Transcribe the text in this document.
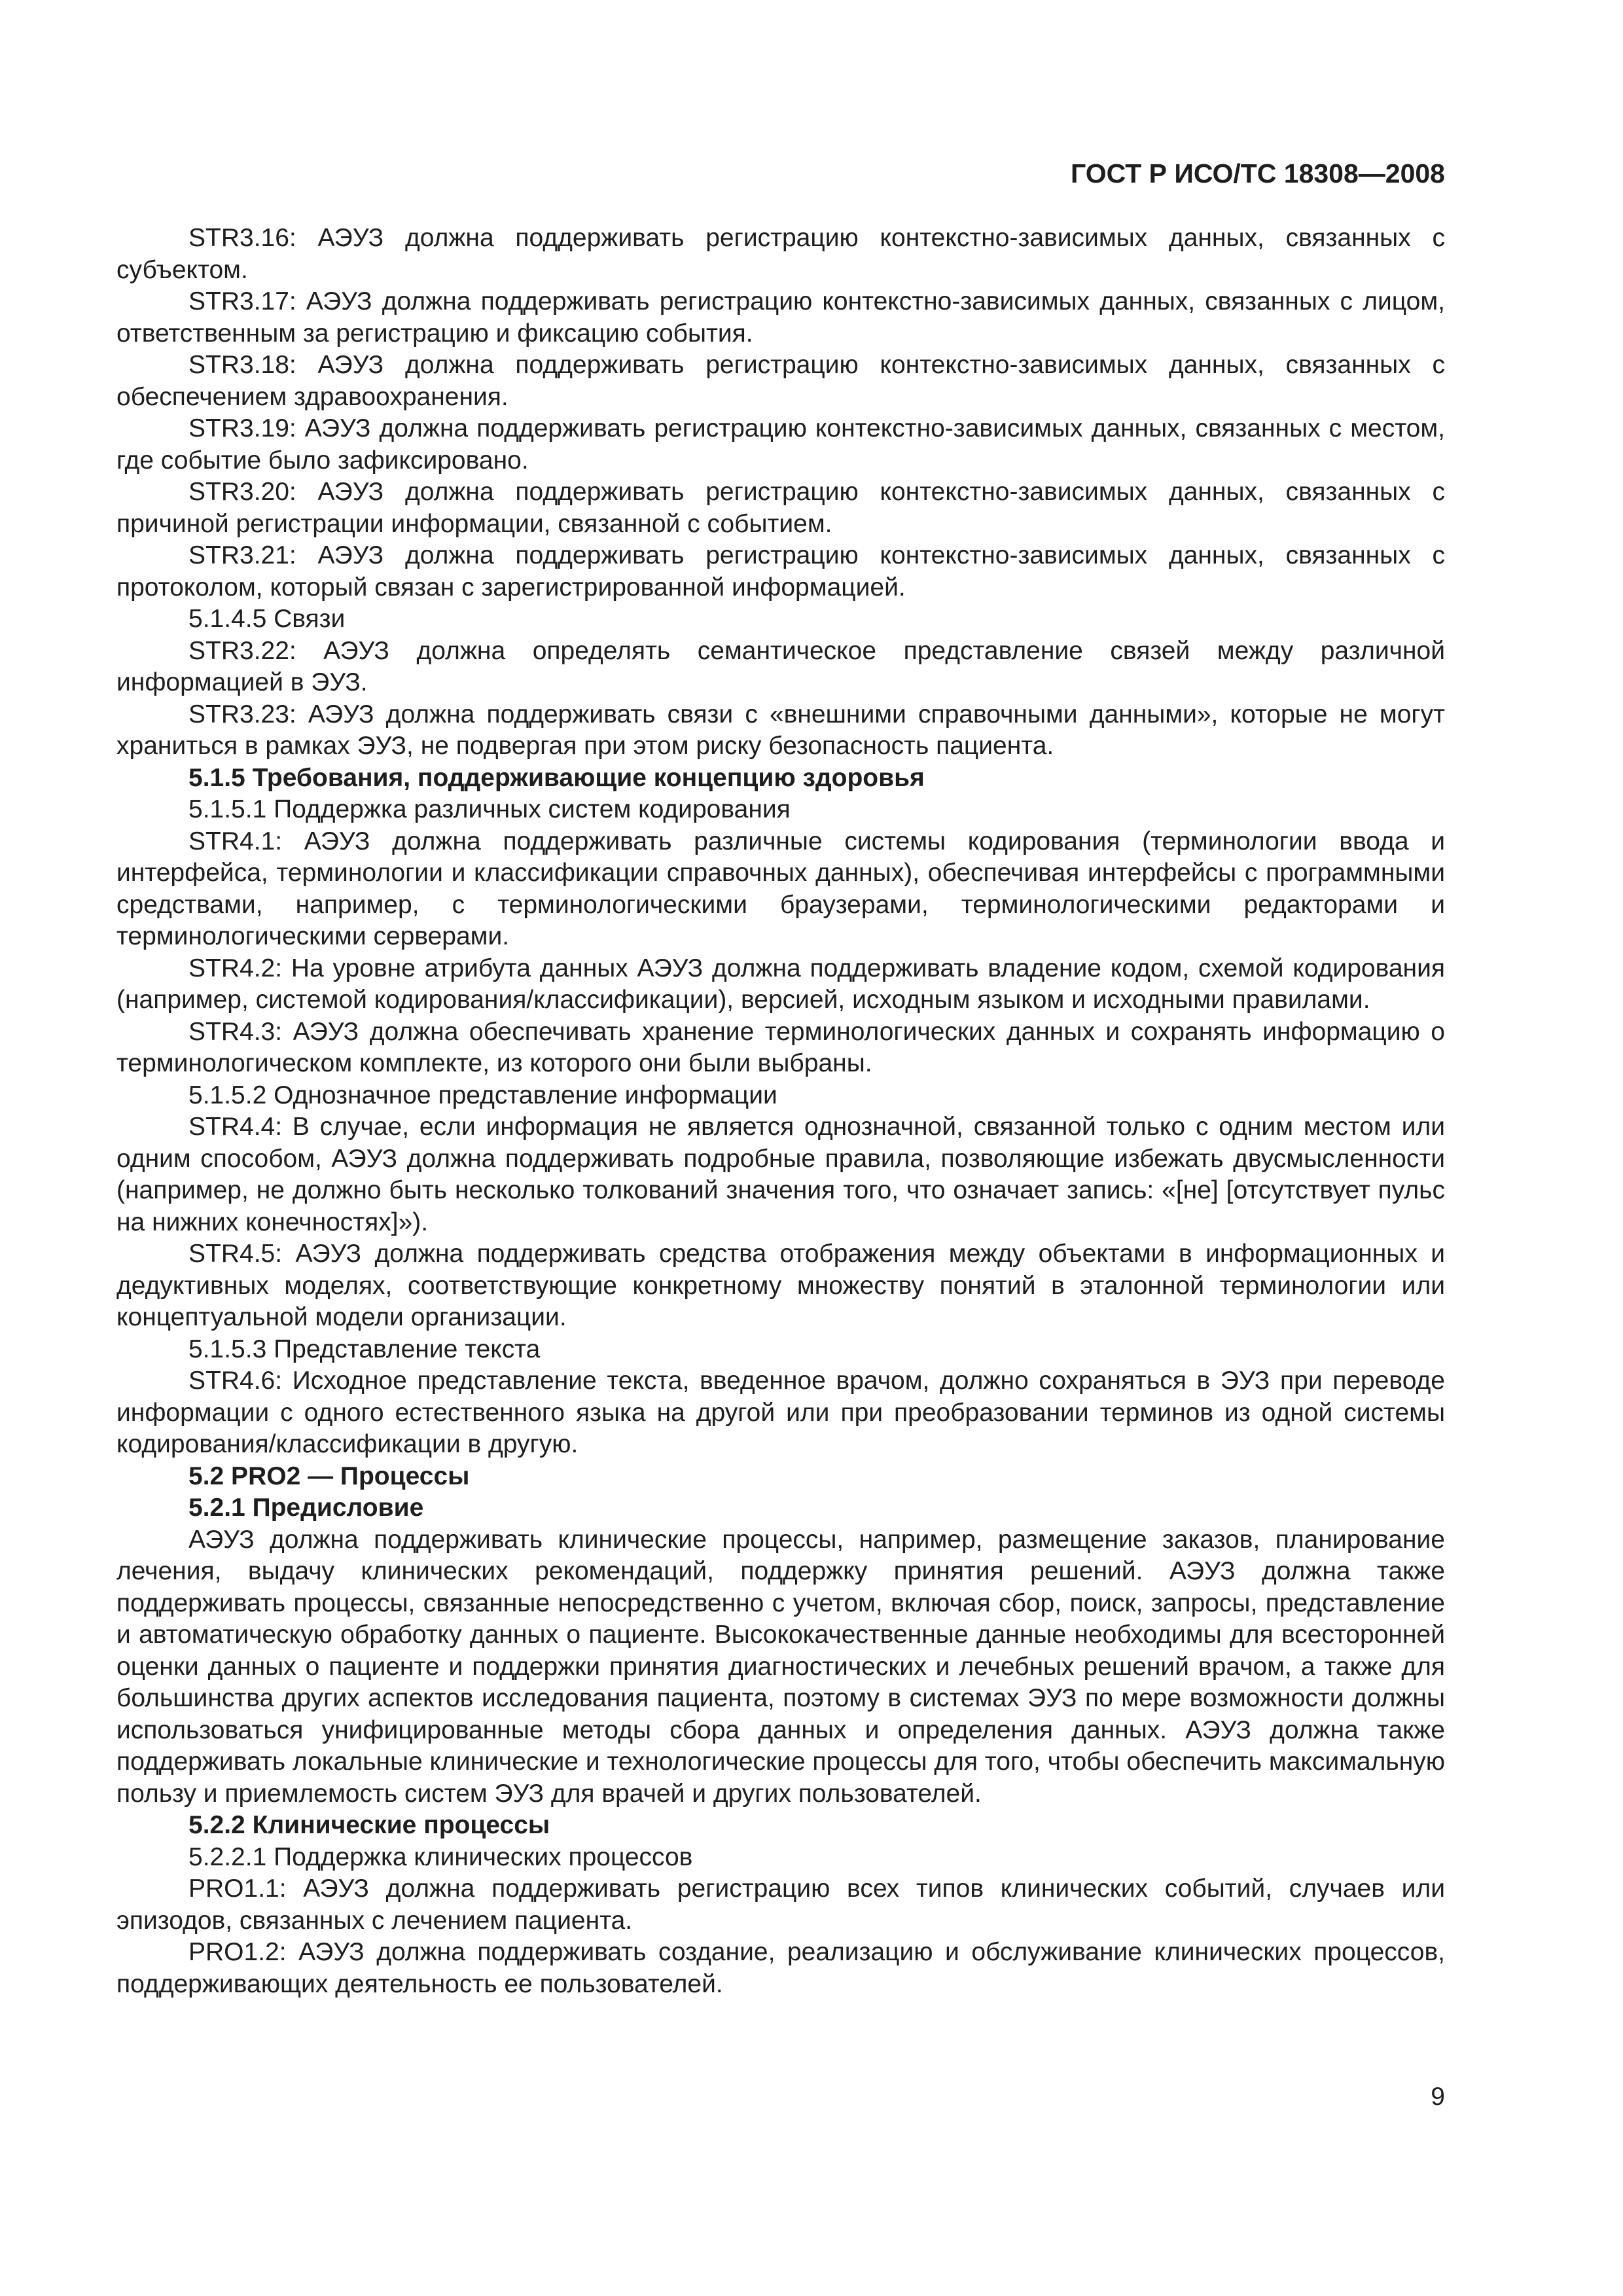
ГОСТ Р ИСО/ТС 18308—2008

STR3.16: АЭУЗ должна поддерживать регистрацию контекстно-зависимых данных, связанных с субъектом.

STR3.17: АЭУЗ должна поддерживать регистрацию контекстно-зависимых данных, связанных с лицом, ответственным за регистрацию и фиксацию события.

STR3.18: АЭУЗ должна поддерживать регистрацию контекстно-зависимых данных, связанных с обеспечением здравоохранения.

STR3.19: АЭУЗ должна поддерживать регистрацию контекстно-зависимых данных, связанных с местом, где событие было зафиксировано.

STR3.20: АЭУЗ должна поддерживать регистрацию контекстно-зависимых данных, связанных с причиной регистрации информации, связанной с событием.

STR3.21: АЭУЗ должна поддерживать регистрацию контекстно-зависимых данных, связанных с протоколом, который связан с зарегистрированной информацией.

5.1.4.5 Связи

STR3.22: АЭУЗ должна определять семантическое представление связей между различной информацией в ЭУЗ.

STR3.23: АЭУЗ должна поддерживать связи с «внешними справочными данными», которые не могут храниться в рамках ЭУЗ, не подвергая при этом риску безопасность пациента.

5.1.5 Требования, поддерживающие концепцию здоровья

5.1.5.1 Поддержка различных систем кодирования

STR4.1: АЭУЗ должна поддерживать различные системы кодирования (терминологии ввода и интерфейса, терминологии и классификации справочных данных), обеспечивая интерфейсы с программными средствами, например, с терминологическими браузерами, терминологическими редакторами и терминологическими серверами.

STR4.2: На уровне атрибута данных АЭУЗ должна поддерживать владение кодом, схемой кодирования (например, системой кодирования/классификации), версией, исходным языком и исходными правилами.

STR4.3: АЭУЗ должна обеспечивать хранение терминологических данных и сохранять информацию о терминологическом комплекте, из которого они были выбраны.

5.1.5.2 Однозначное представление информации

STR4.4: В случае, если информация не является однозначной, связанной только с одним местом или одним способом, АЭУЗ должна поддерживать подробные правила, позволяющие избежать двусмысленности (например, не должно быть несколько толкований значения того, что означает запись: «[не] [отсутствует пульс на нижних конечностях]»).

STR4.5: АЭУЗ должна поддерживать средства отображения между объектами в информационных и дедуктивных моделях, соответствующие конкретному множеству понятий в эталонной терминологии или концептуальной модели организации.

5.1.5.3 Представление текста

STR4.6: Исходное представление текста, введенное врачом, должно сохраняться в ЭУЗ при переводе информации с одного естественного языка на другой или при преобразовании терминов из одной системы кодирования/классификации в другую.

5.2 PRO2 — Процессы

5.2.1 Предисловие

АЭУЗ должна поддерживать клинические процессы, например, размещение заказов, планирование лечения, выдачу клинических рекомендаций, поддержку принятия решений. АЭУЗ должна также поддерживать процессы, связанные непосредственно с учетом, включая сбор, поиск, запросы, представление и автоматическую обработку данных о пациенте. Высококачественные данные необходимы для всесторонней оценки данных о пациенте и поддержки принятия диагностических и лечебных решений врачом, а также для большинства других аспектов исследования пациента, поэтому в системах ЭУЗ по мере возможности должны использоваться унифицированные методы сбора данных и определения данных. АЭУЗ должна также поддерживать локальные клинические и технологические процессы для того, чтобы обеспечить максимальную пользу и приемлемость систем ЭУЗ для врачей и других пользователей.

5.2.2 Клинические процессы

5.2.2.1 Поддержка клинических процессов

PRO1.1: АЭУЗ должна поддерживать регистрацию всех типов клинических событий, случаев или эпизодов, связанных с лечением пациента.

PRO1.2: АЭУЗ должна поддерживать создание, реализацию и обслуживание клинических процессов, поддерживающих деятельность ее пользователей.

9
